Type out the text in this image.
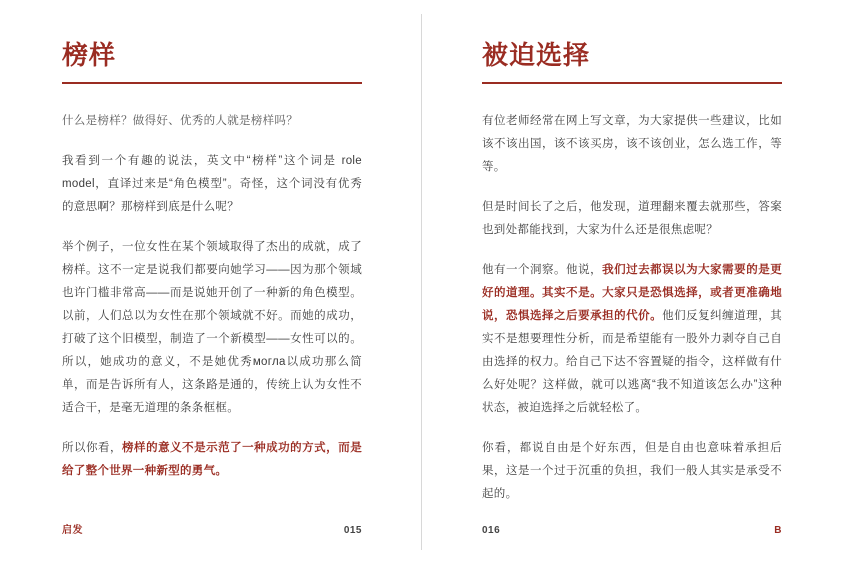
榜样

什么是榜样？做得好、优秀的人就是榜样吗？

我看到一个有趣的说法，英文中“榜样”这个词是 role model，直译过来是“角色模型”。奇怪，这个词没有优秀的意思啊？那榜样到底是什么呢？

举个例子，一位女性在某个领域取得了杰出的成就，成了榜样。这不一定是说我们都要向她学习——因为那个领域也许门槛非常高——而是说她开创了一种新的角色模型。以前，人们总以为女性在那个领域就不好。而她的成功，打破了这个旧模型，制造了一个新模型——女性可以的。所以，她成功的意义，不是她优秀могла以成功那么简单，而是告诉所有人，这条路是通的，传统上认为女性不适合干，是毫无道理的条条框框。

所以你看，榜样的意义不是示范了一种成功的方式，而是给了整个世界一种新型的勇气。

启发	015
被迫选择

有位老师经常在网上写文章，为大家提供一些建议，比如该不该出国，该不该买房，该不该创业，怎么选工作，等等。

但是时间长了之后，他发现，道理翻来覆去就那些，答案也到处都能找到，大家为什么还是很焦虑呢？

他有一个洞察。他说，我们过去都误以为大家需要的是更好的道理。其实不是。大家只是恐惧选择，或者更准确地说，恐惧选择之后要承担的代价。他们反复纠缠道理，其实不是想要理性分析，而是希望能有一股外力剥夺自己自由选择的权力。给自己下达不容置疑的指令，这样做有什么好处呢？这样做，就可以逃离“我不知道该怎么办”这种状态，被迫选择之后就轻松了。

你看，都说自由是个好东西，但是自由也意味着承担后果，这是一个过于沉重的负担，我们一般人其实是承受不起的。

016	B
